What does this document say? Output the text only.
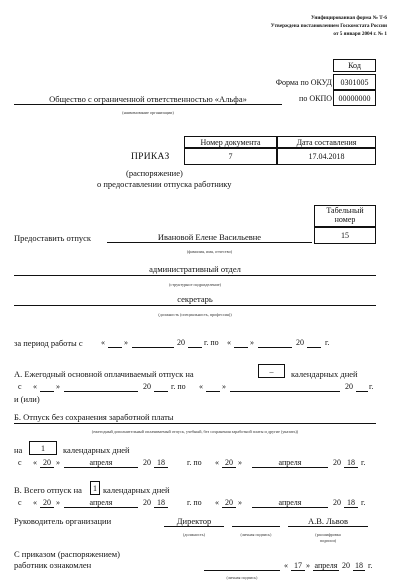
Унифицированная форма № Т-6
Утверждена постановлением Госкомстата России
от 5 января 2004 г. № 1
Код
Форма по ОКУД	0301005
по ОКПО 00000000
Общество с ограниченной ответственностью «Альфа»
(наименование организации)
Номер документа	Дата составления
7	17.04.2018
ПРИКАЗ
(распоряжение)
о предоставлении отпуска работнику
Табельный
номер
15
Предоставить отпуск	Ивановой Елене Васильевне
(фамилия, имя, отчество)
административный отдел
(структурное подразделение)
секретарь
(должность (специальность, профессия))
за период работы с « »	20 г. по « »	20	г.
А. Ежегодный основной оплачиваемый отпуск на	–	календарных дней
с « »	20	г. по « »	20 г.
и (или)
Б. Отпуск без сохранения заработной платы
(ежегодный дополнительный оплачиваемый отпуск, учебный, без сохранения заработной платы и другие (указать))
на	1	календарных дней
с « 20 »	апреля	20 18	г. по « 20 »	апреля	20 18 г.
В. Всего отпуск на	1 календарных дней
с « 20 »	апреля	20 18	г. по « 20 »	апреля	20 18 г.
Руководитель организации	Директор
(должность)	(личная подпись)
А.В. Львов
(расшифровка
подписи)
С приказом (распоряжением)
работник ознакомлен
(личная подпись)
« 17 » апреля 20 18 г.
